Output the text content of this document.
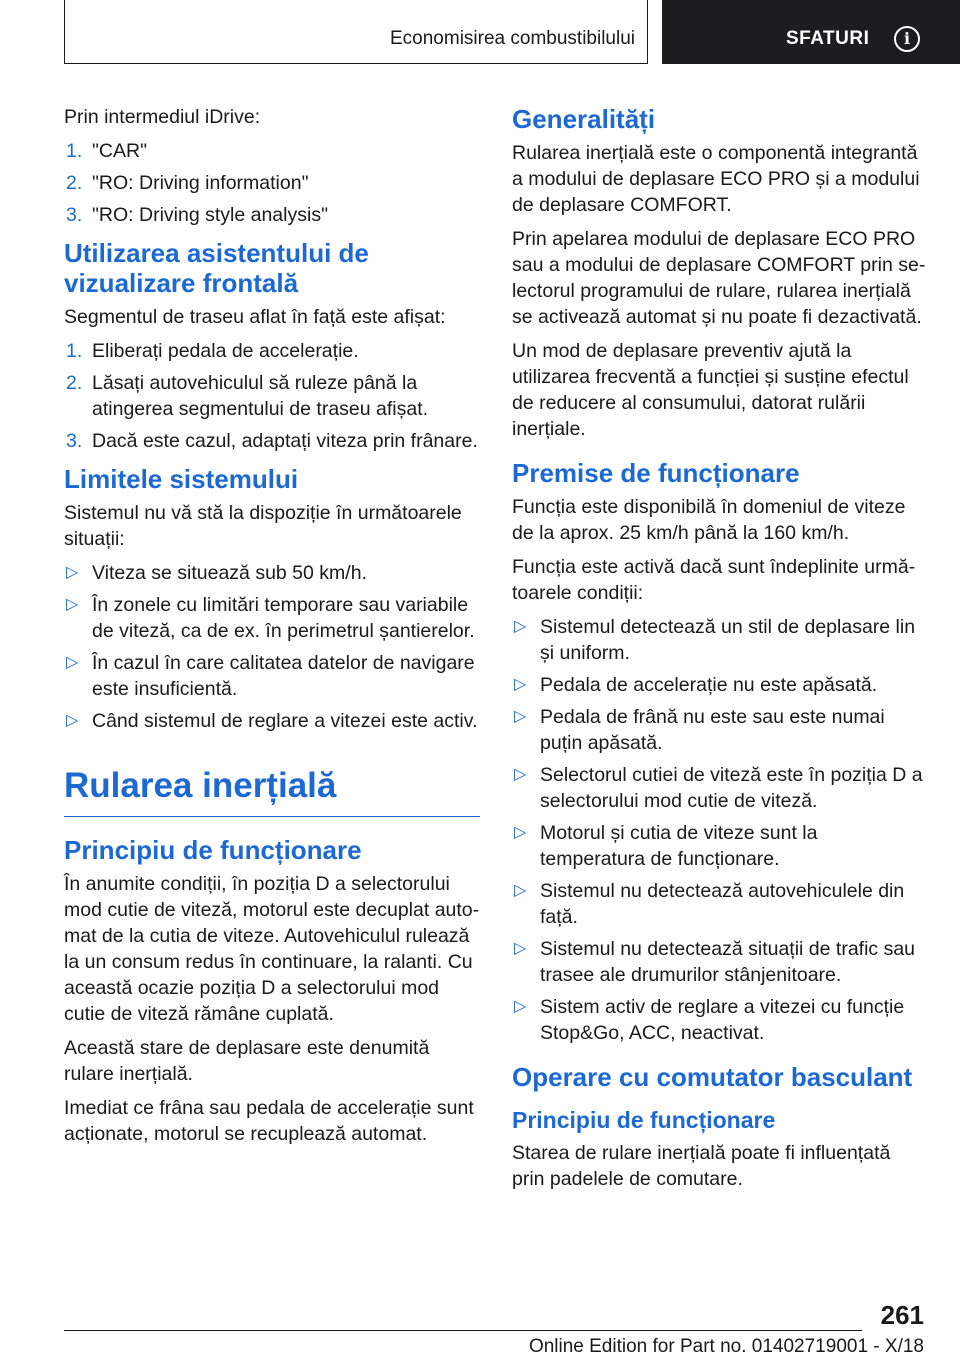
Economisirea combustibilului	SFATURI	i

Prin intermediul iDrive:

1. "CAR"
2. "RO: Driving information"
3. "RO: Driving style analysis"
Utilizarea asistentului de vizualizare frontală

Segmentul de traseu aflat în față este afișat:

1. Eliberați pedala de accelerație.
2. Lăsați autovehiculul să ruleze până la atingerea segmentului de traseu afișat.
3. Dacă este cazul, adaptați viteza prin frânare.
Limitele sistemului

Sistemul nu vă stă la dispoziție în următoarele situații:

▷ Viteza se situează sub 50 km/h.
▷ În zonele cu limitări temporare sau variabile de viteză, ca de ex. în perimetrul șantierelor.
▷ În cazul în care calitatea datelor de navigare este insuficientă.
▷ Când sistemul de reglare a vitezei este activ.
Rularea inerțială
Principiu de funcționare

În anumite condiții, în poziția D a selectorului mod cutie de viteză, motorul este decuplat automat de la cutia de viteze. Autovehiculul rulează la un consum redus în continuare, la ralanti. Cu această ocazie poziția D a selectorului mod cutie de viteză rămâne cuplată.

Această stare de deplasare este denumită rulare inerțială.

Imediat ce frâna sau pedala de accelerație sunt acționate, motorul se recuplează automat.

Generalități

Rularea inerțială este o componentă integrantă a modului de deplasare ECO PRO și a modului de deplasare COMFORT.

Prin apelarea modului de deplasare ECO PRO sau a modului de deplasare COMFORT prin selectorul programului de rulare, rularea inerțială se activează automat și nu poate fi dezactivată.

Un mod de deplasare preventiv ajută la utilizarea frecventă a funcției și susține efectul de reducere al consumului, datorat rulării inerțiale.

Premise de funcționare

Funcția este disponibilă în domeniul de viteze de la aprox. 25 km/h până la 160 km/h.

Funcția este activă dacă sunt îndeplinite următoarele condiții:

▷ Sistemul detectează un stil de deplasare lin și uniform.
▷ Pedala de accelerație nu este apăsată.
▷ Pedala de frână nu este sau este numai puțin apăsată.
▷ Selectorul cutiei de viteză este în poziția D a selectorului mod cutie de viteză.
▷ Motorul și cutia de viteze sunt la temperatura de funcționare.
▷ Sistemul nu detectează autovehiculele din față.
▷ Sistemul nu detectează situații de trafic sau trasee ale drumurilor stânjenitoare.
▷ Sistem activ de reglare a vitezei cu funcție Stop&Go, ACC, neactivat.
Operare cu comutator basculant
Principiu de funcționare

Starea de rulare inerțială poate fi influențată prin padelele de comutare.

261
Online Edition for Part no. 01402719001 - X/18
